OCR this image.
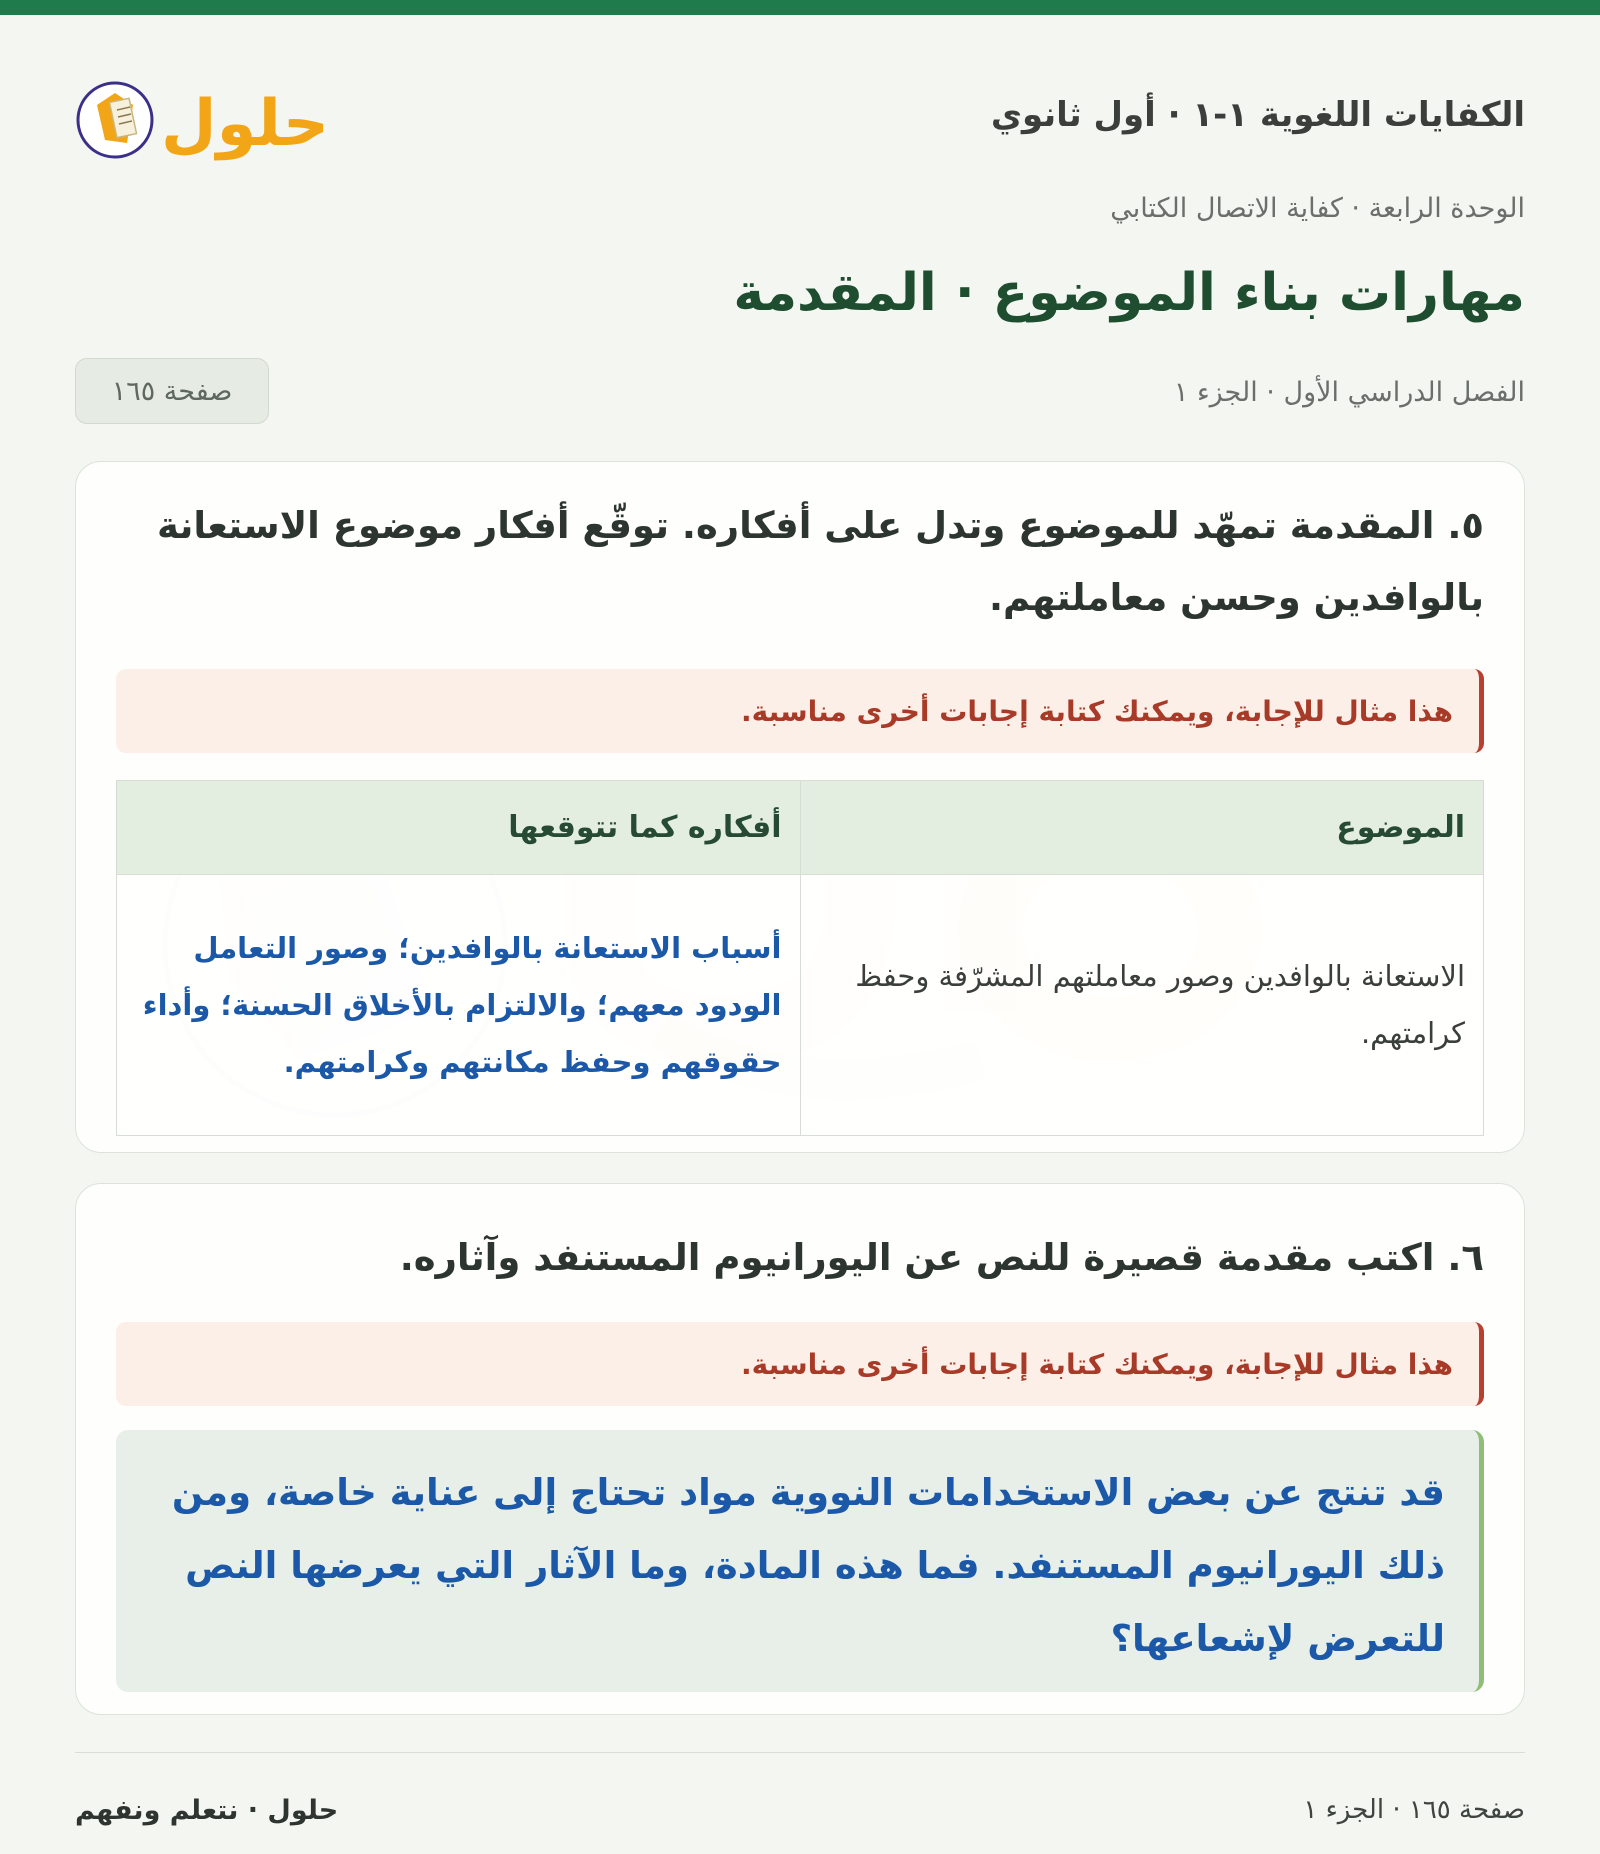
الكفايات اللغوية ١-١ · أول ثانوي
حلول
الوحدة الرابعة · كفاية الاتصال الكتابي
مهارات بناء الموضوع · المقدمة
الفصل الدراسي الأول · الجزء ١
صفحة ١٦٥
٥. المقدمة تمهّد للموضوع وتدل على أفكاره. توقّع أفكار موضوع الاستعانة بالوافدين وحسن معاملتهم.
هذا مثال للإجابة، ويمكنك كتابة إجابات أخرى مناسبة.
الموضوع	أفكاره كما تتوقعها
الاستعانة بالوافدين وصور معاملتهم المشرّفة وحفظ كرامتهم.	أسباب الاستعانة بالوافدين؛ وصور التعامل الودود معهم؛ والالتزام بالأخلاق الحسنة؛ وأداء حقوقهم وحفظ مكانتهم وكرامتهم.
٦. اكتب مقدمة قصيرة للنص عن اليورانيوم المستنفد وآثاره.
هذا مثال للإجابة، ويمكنك كتابة إجابات أخرى مناسبة.
قد تنتج عن بعض الاستخدامات النووية مواد تحتاج إلى عناية خاصة، ومن ذلك اليورانيوم المستنفد. فما هذه المادة، وما الآثار التي يعرضها النص للتعرض لإشعاعها؟
صفحة ١٦٥ · الجزء ١
حلول · نتعلم ونفهم
